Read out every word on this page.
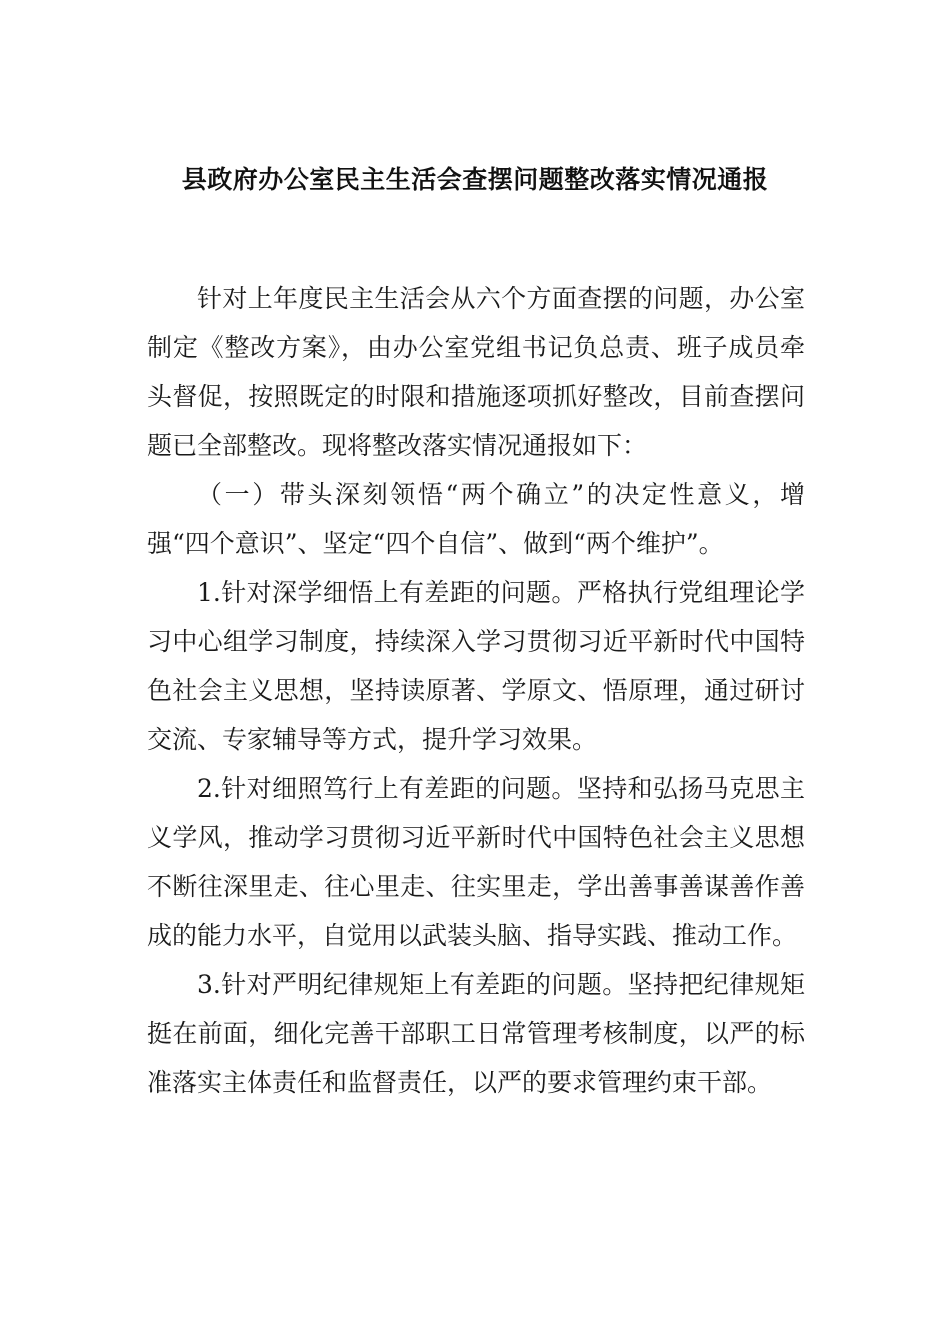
县政府办公室民主生活会查摆问题整改落实情况通报

针对上年度民主生活会从六个方面查摆的问题，办公室制定《整改方案》，由办公室党组书记负总责、班子成员牵头督促，按照既定的时限和措施逐项抓好整改，目前查摆问题已全部整改。现将整改落实情况通报如下：

（一）带头深刻领悟“两个确立”的决定性意义，增强“四个意识”、坚定“四个自信”、做到“两个维护”。

1.针对深学细悟上有差距的问题。严格执行党组理论学习中心组学习制度，持续深入学习贯彻习近平新时代中国特色社会主义思想，坚持读原著、学原文、悟原理，通过研讨交流、专家辅导等方式，提升学习效果。

2.针对细照笃行上有差距的问题。坚持和弘扬马克思主义学风，推动学习贯彻习近平新时代中国特色社会主义思想不断往深里走、往心里走、往实里走，学出善事善谋善作善成的能力水平，自觉用以武装头脑、指导实践、推动工作。

3.针对严明纪律规矩上有差距的问题。坚持把纪律规矩挺在前面，细化完善干部职工日常管理考核制度，以严的标准落实主体责任和监督责任，以严的要求管理约束干部。
